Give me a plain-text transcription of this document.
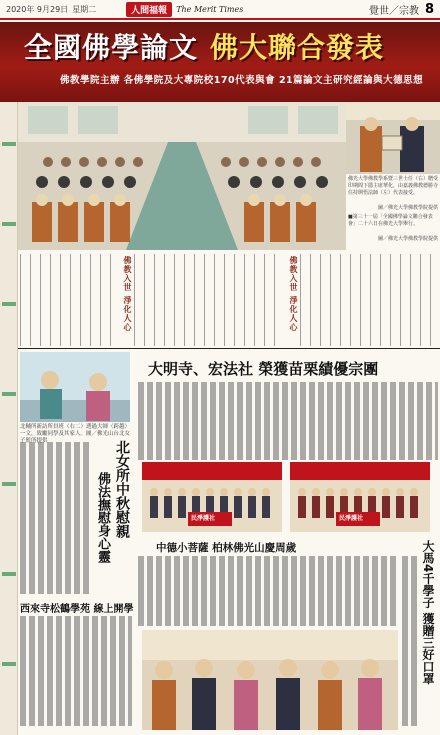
2020年 9月29日 星期二	人間福報	The Merit Times	覺世／宗教 8
全國佛學論文 佛大聯合發表
佛教學院主辦 各佛學院及大專院校170代表與會 21篇論文主研究經論與大德思想
佛光大學佛教學系暨三世士任（右）贈受印期間下隱主席華化，由嘉義佛教德勝寺住持開悟法師（左）代表接受。
圖／佛光大學佛教學院提供
■第三十一屆「全國佛學論文聯合發表會」二十六日在佛光大學舉行。
圖／佛光大學佛教學院提供
佛教入世 淨化人心	佛教入世 淨化人心
北輔所新訪所員班（右二）透過大師（跨越）一文，致勵同學及其家人。圖／佛光山台北女子監所提供	北女所中秋慰親
佛法撫慰身心靈
大明寺、宏法社 榮獲苗栗績優宗團
民淨護社	民淨護社
中德小菩薩 柏林佛光山慶周歲	大馬4千學子 獲贈三好口罩
西來寺松鶴學苑 線上開學
